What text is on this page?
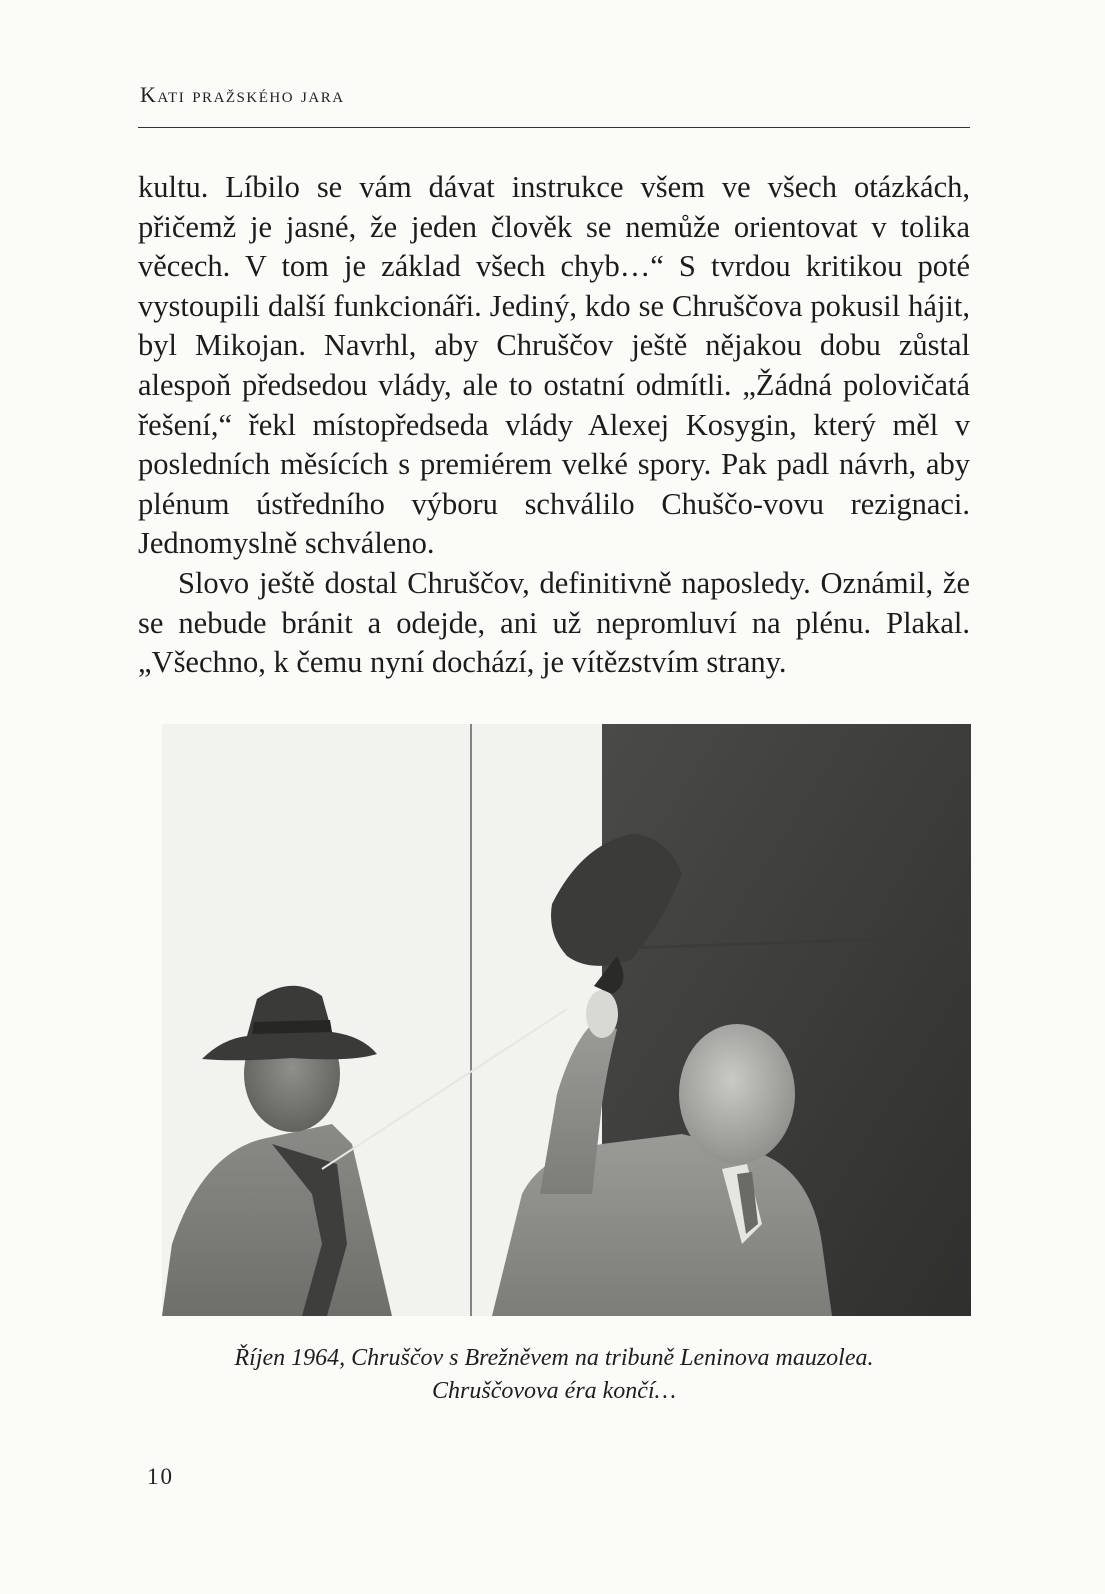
Kati pražského jara

kultu. Líbilo se vám dávat instrukce všem ve všech otázkách, přičemž je jasné, že jeden člověk se nemůže orientovat v tolika věcech. V tom je základ všech chyb…“ S tvrdou kritikou poté vystoupili další funkcionáři. Jediný, kdo se Chruščova pokusil hájit, byl Mikojan. Navrhl, aby Chruščov ještě nějakou dobu zůstal alespoň předsedou vlády, ale to ostatní odmítli. „Žádná polovičatá řešení,“ řekl místopředseda vlády Alexej Kosygin, který měl v posledních měsících s premiérem velké spory. Pak padl návrh, aby plénum ústředního výboru schválilo Chuščo-vovu rezignaci. Jednomyslně schváleno.

Slovo ještě dostal Chruščov, definitivně naposledy. Oznámil, že se nebude bránit a odejde, ani už nepromluví na plénu. Plakal. „Všechno, k čemu nyní dochází, je vítězstvím strany.

Říjen 1964, Chruščov s Brežněvem na tribuně Leninova mauzolea.
Chruščovova éra končí…
10
